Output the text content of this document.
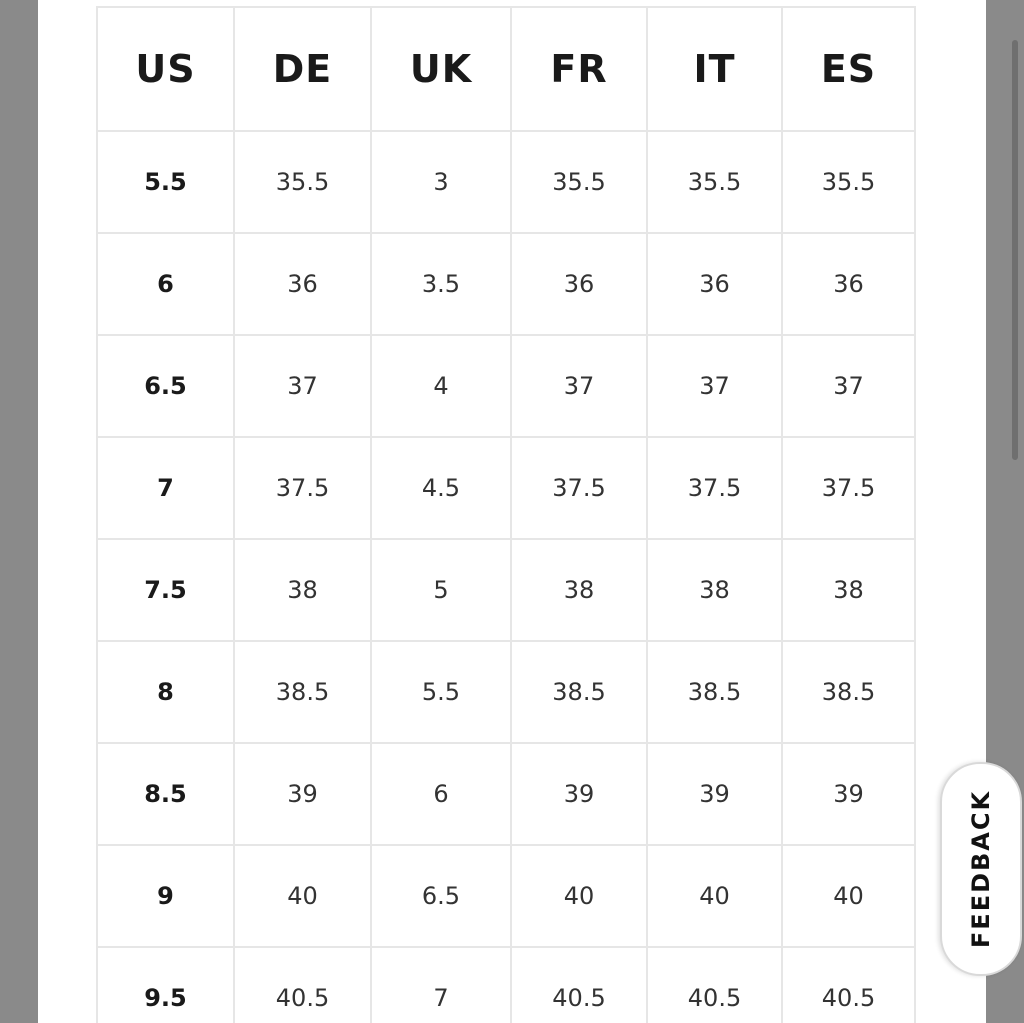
US	DE	UK	FR	IT	ES
5.5	35.5	3	35.5	35.5	35.5
6	36	3.5	36	36	36
6.5	37	4	37	37	37
7	37.5	4.5	37.5	37.5	37.5
7.5	38	5	38	38	38
8	38.5	5.5	38.5	38.5	38.5
8.5	39	6	39	39	39
9	40	6.5	40	40	40
9.5	40.5	7	40.5	40.5	40.5
FEEDBACK
